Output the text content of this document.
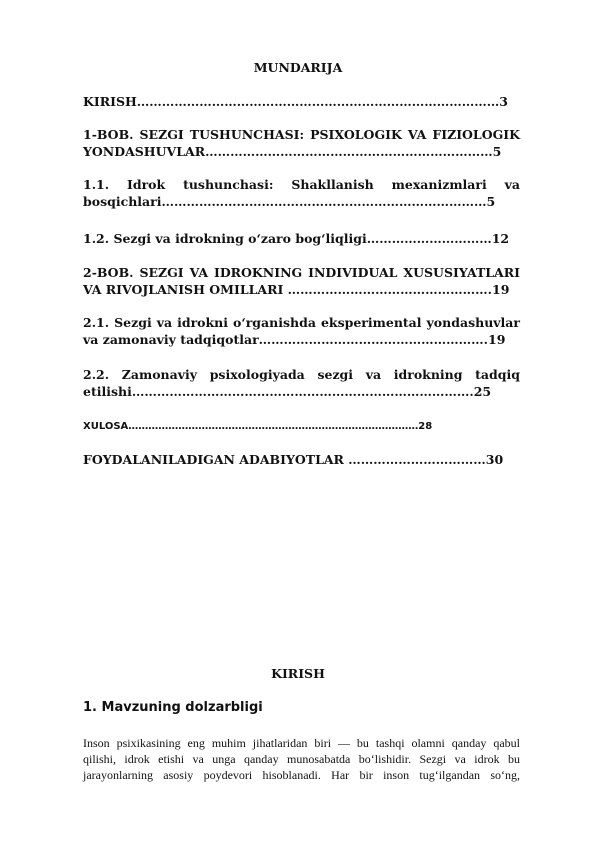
MUNDARIJA
KIRISH……………………………………………………………………………3
1-BOB. SEZGI TUSHUNCHASI: PSIXOLOGIK VA FIZIOLOGIK YONDASHUVLAR……………………………………………………………5
1.1. Idrok tushunchasi: Shakllanish mexanizmlari va bosqichlari……………………………………………………………………5
1.2. Sezgi va idrokning o‘zaro bog‘liqligi…………………………12
2-BOB. SEZGI VA IDROKNING INDIVIDUAL XUSUSIYATLARI VA RIVOJLANISH OMILLARI ………………………………………….19
2.1. Sezgi va idrokni o‘rganishda eksperimental yondashuvlar va zamonaviy tadqiqotlar……………………………………………….19
2.2. Zamonaviy psixologiyada sezgi va idrokning tadqiq etilishi……………………………………………………………………….25
XULOSA……………………………………………………………………………28
FOYDALANILADIGAN ADABIYOTLAR ……………………………30
KIRISH
1. Mavzuning dolzarbligi
Inson psixikasining eng muhim jihatlaridan biri — bu tashqi olamni qanday qabul
qilishi, idrok etishi va unga qanday munosabatda bo‘lishidir. Sezgi va idrok bu
jarayonlarning asosiy poydevori hisoblanadi. Har bir inson tug‘ilgandan so‘ng,
